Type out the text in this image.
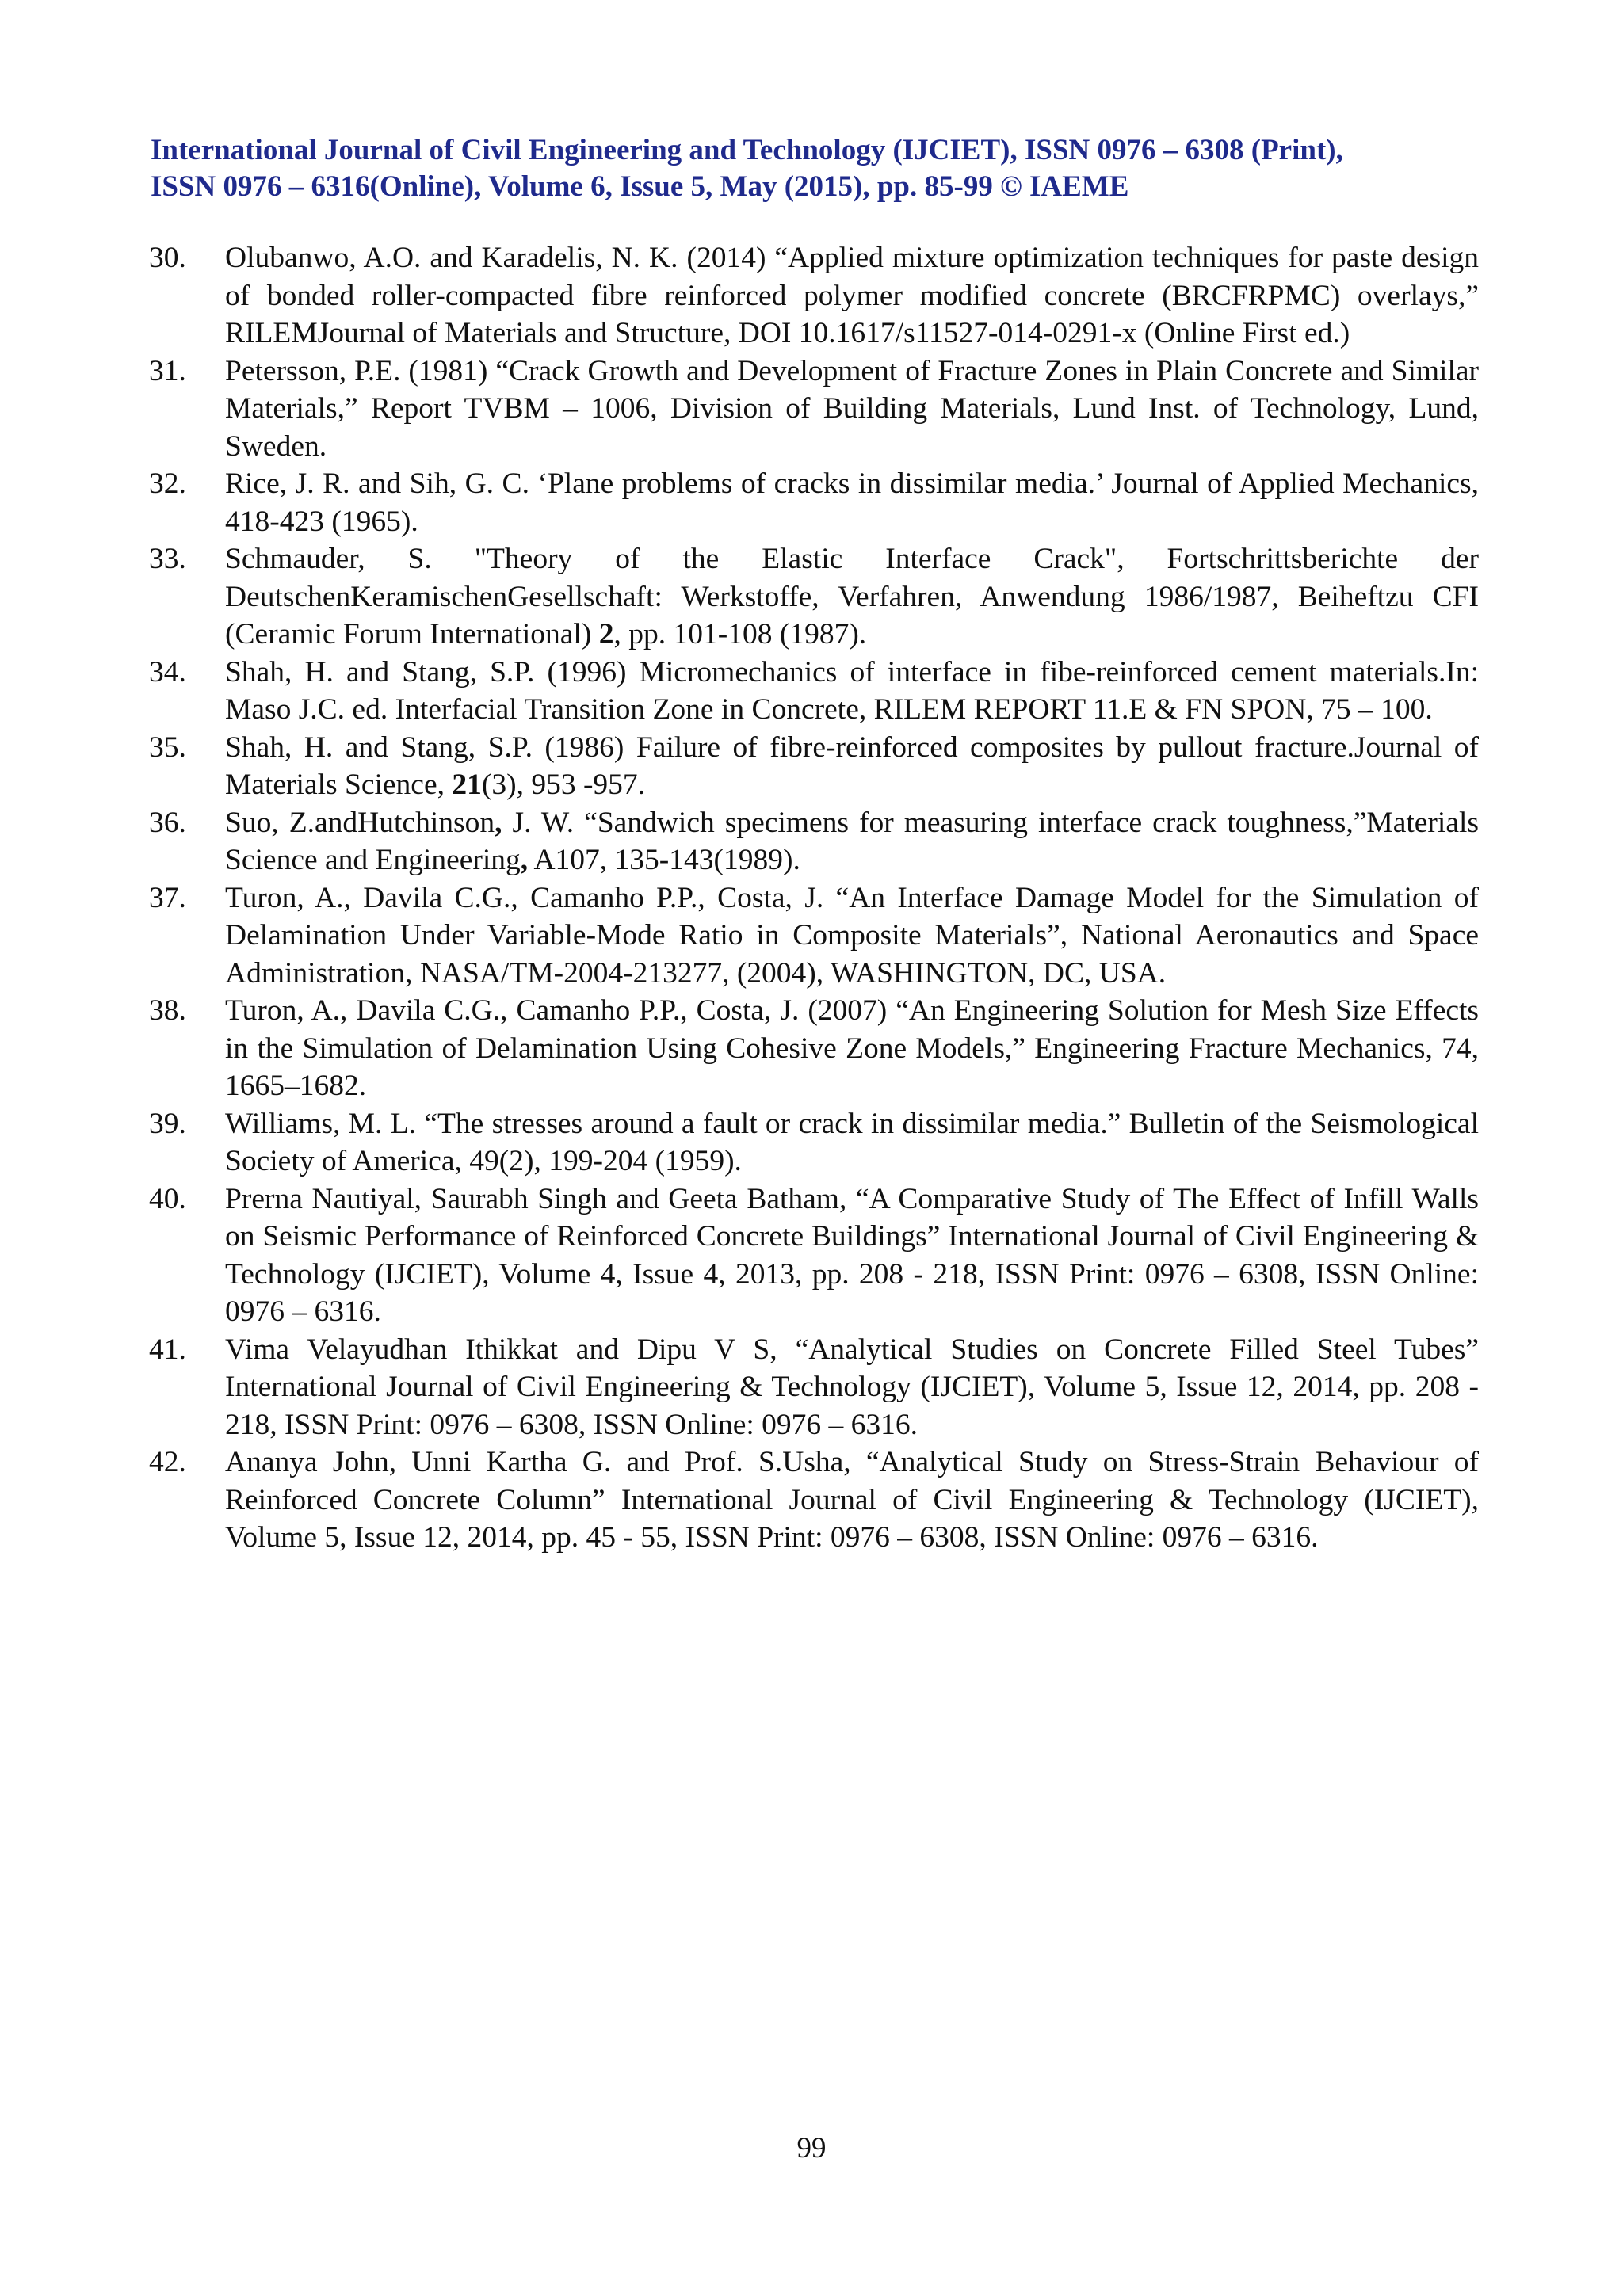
International Journal of Civil Engineering and Technology (IJCIET), ISSN 0976 – 6308 (Print),
ISSN 0976 – 6316(Online), Volume 6, Issue 5, May (2015), pp. 85-99 © IAEME
30.	Olubanwo, A.O. and Karadelis, N. K. (2014) “Applied mixture optimization techniques for paste design of bonded roller-compacted fibre reinforced polymer modified concrete (BRCFRPMC) overlays,” RILEMJournal of Materials and Structure, DOI 10.1617/s11527-014-0291-x (Online First ed.)
31.	Petersson, P.E. (1981) “Crack Growth and Development of Fracture Zones in Plain Concrete and Similar Materials,” Report TVBM – 1006, Division of Building Materials, Lund Inst. of Technology, Lund, Sweden.
32.	Rice, J. R. and Sih, G. C. ‘Plane problems of cracks in dissimilar media.’ Journal of Applied Mechanics, 418-423 (1965).
33.	Schmauder, S. "Theory of the Elastic Interface Crack", Fortschrittsberichte der DeutschenKeramischenGesellschaft: Werkstoffe, Verfahren, Anwendung 1986/1987, Beiheftzu CFI (Ceramic Forum International) 2, pp. 101-108 (1987).
34.	Shah, H. and Stang, S.P. (1996) Micromechanics of interface in fibe-reinforced cement materials.In: Maso J.C. ed. Interfacial Transition Zone in Concrete, RILEM REPORT 11.E & FN SPON, 75 – 100.
35.	Shah, H. and Stang, S.P. (1986) Failure of fibre-reinforced composites by pullout fracture.Journal of Materials Science, 21(3), 953 -957.
36.	Suo, Z.andHutchinson, J. W. “Sandwich specimens for measuring interface crack toughness,”Materials Science and Engineering, A107, 135-143(1989).
37.	Turon, A., Davila C.G., Camanho P.P., Costa, J. “An Interface Damage Model for the Simulation of Delamination Under Variable-Mode Ratio in Composite Materials”, National Aeronautics and Space Administration, NASA/TM-2004-213277, (2004), WASHINGTON, DC, USA.
38.	Turon, A., Davila C.G., Camanho P.P., Costa, J. (2007) “An Engineering Solution for Mesh Size Effects in the Simulation of Delamination Using Cohesive Zone Models,” Engineering Fracture Mechanics, 74, 1665–1682.
39.	Williams, M. L. “The stresses around a fault or crack in dissimilar media.” Bulletin of the Seismological Society of America, 49(2), 199-204 (1959).
40.	Prerna Nautiyal, Saurabh Singh and Geeta Batham, “A Comparative Study of The Effect of Infill Walls on Seismic Performance of Reinforced Concrete Buildings” International Journal of Civil Engineering & Technology (IJCIET), Volume 4, Issue 4, 2013, pp. 208 - 218, ISSN Print: 0976 – 6308, ISSN Online: 0976 – 6316.
41.	Vima Velayudhan Ithikkat and Dipu V S, “Analytical Studies on Concrete Filled Steel Tubes” International Journal of Civil Engineering & Technology (IJCIET), Volume 5, Issue 12, 2014, pp. 208 - 218, ISSN Print: 0976 – 6308, ISSN Online: 0976 – 6316.
42.	Ananya John, Unni Kartha G. and Prof. S.Usha, “Analytical Study on Stress-Strain Behaviour of Reinforced Concrete Column” International Journal of Civil Engineering & Technology (IJCIET), Volume 5, Issue 12, 2014, pp. 45 - 55, ISSN Print: 0976 – 6308, ISSN Online: 0976 – 6316.
99
